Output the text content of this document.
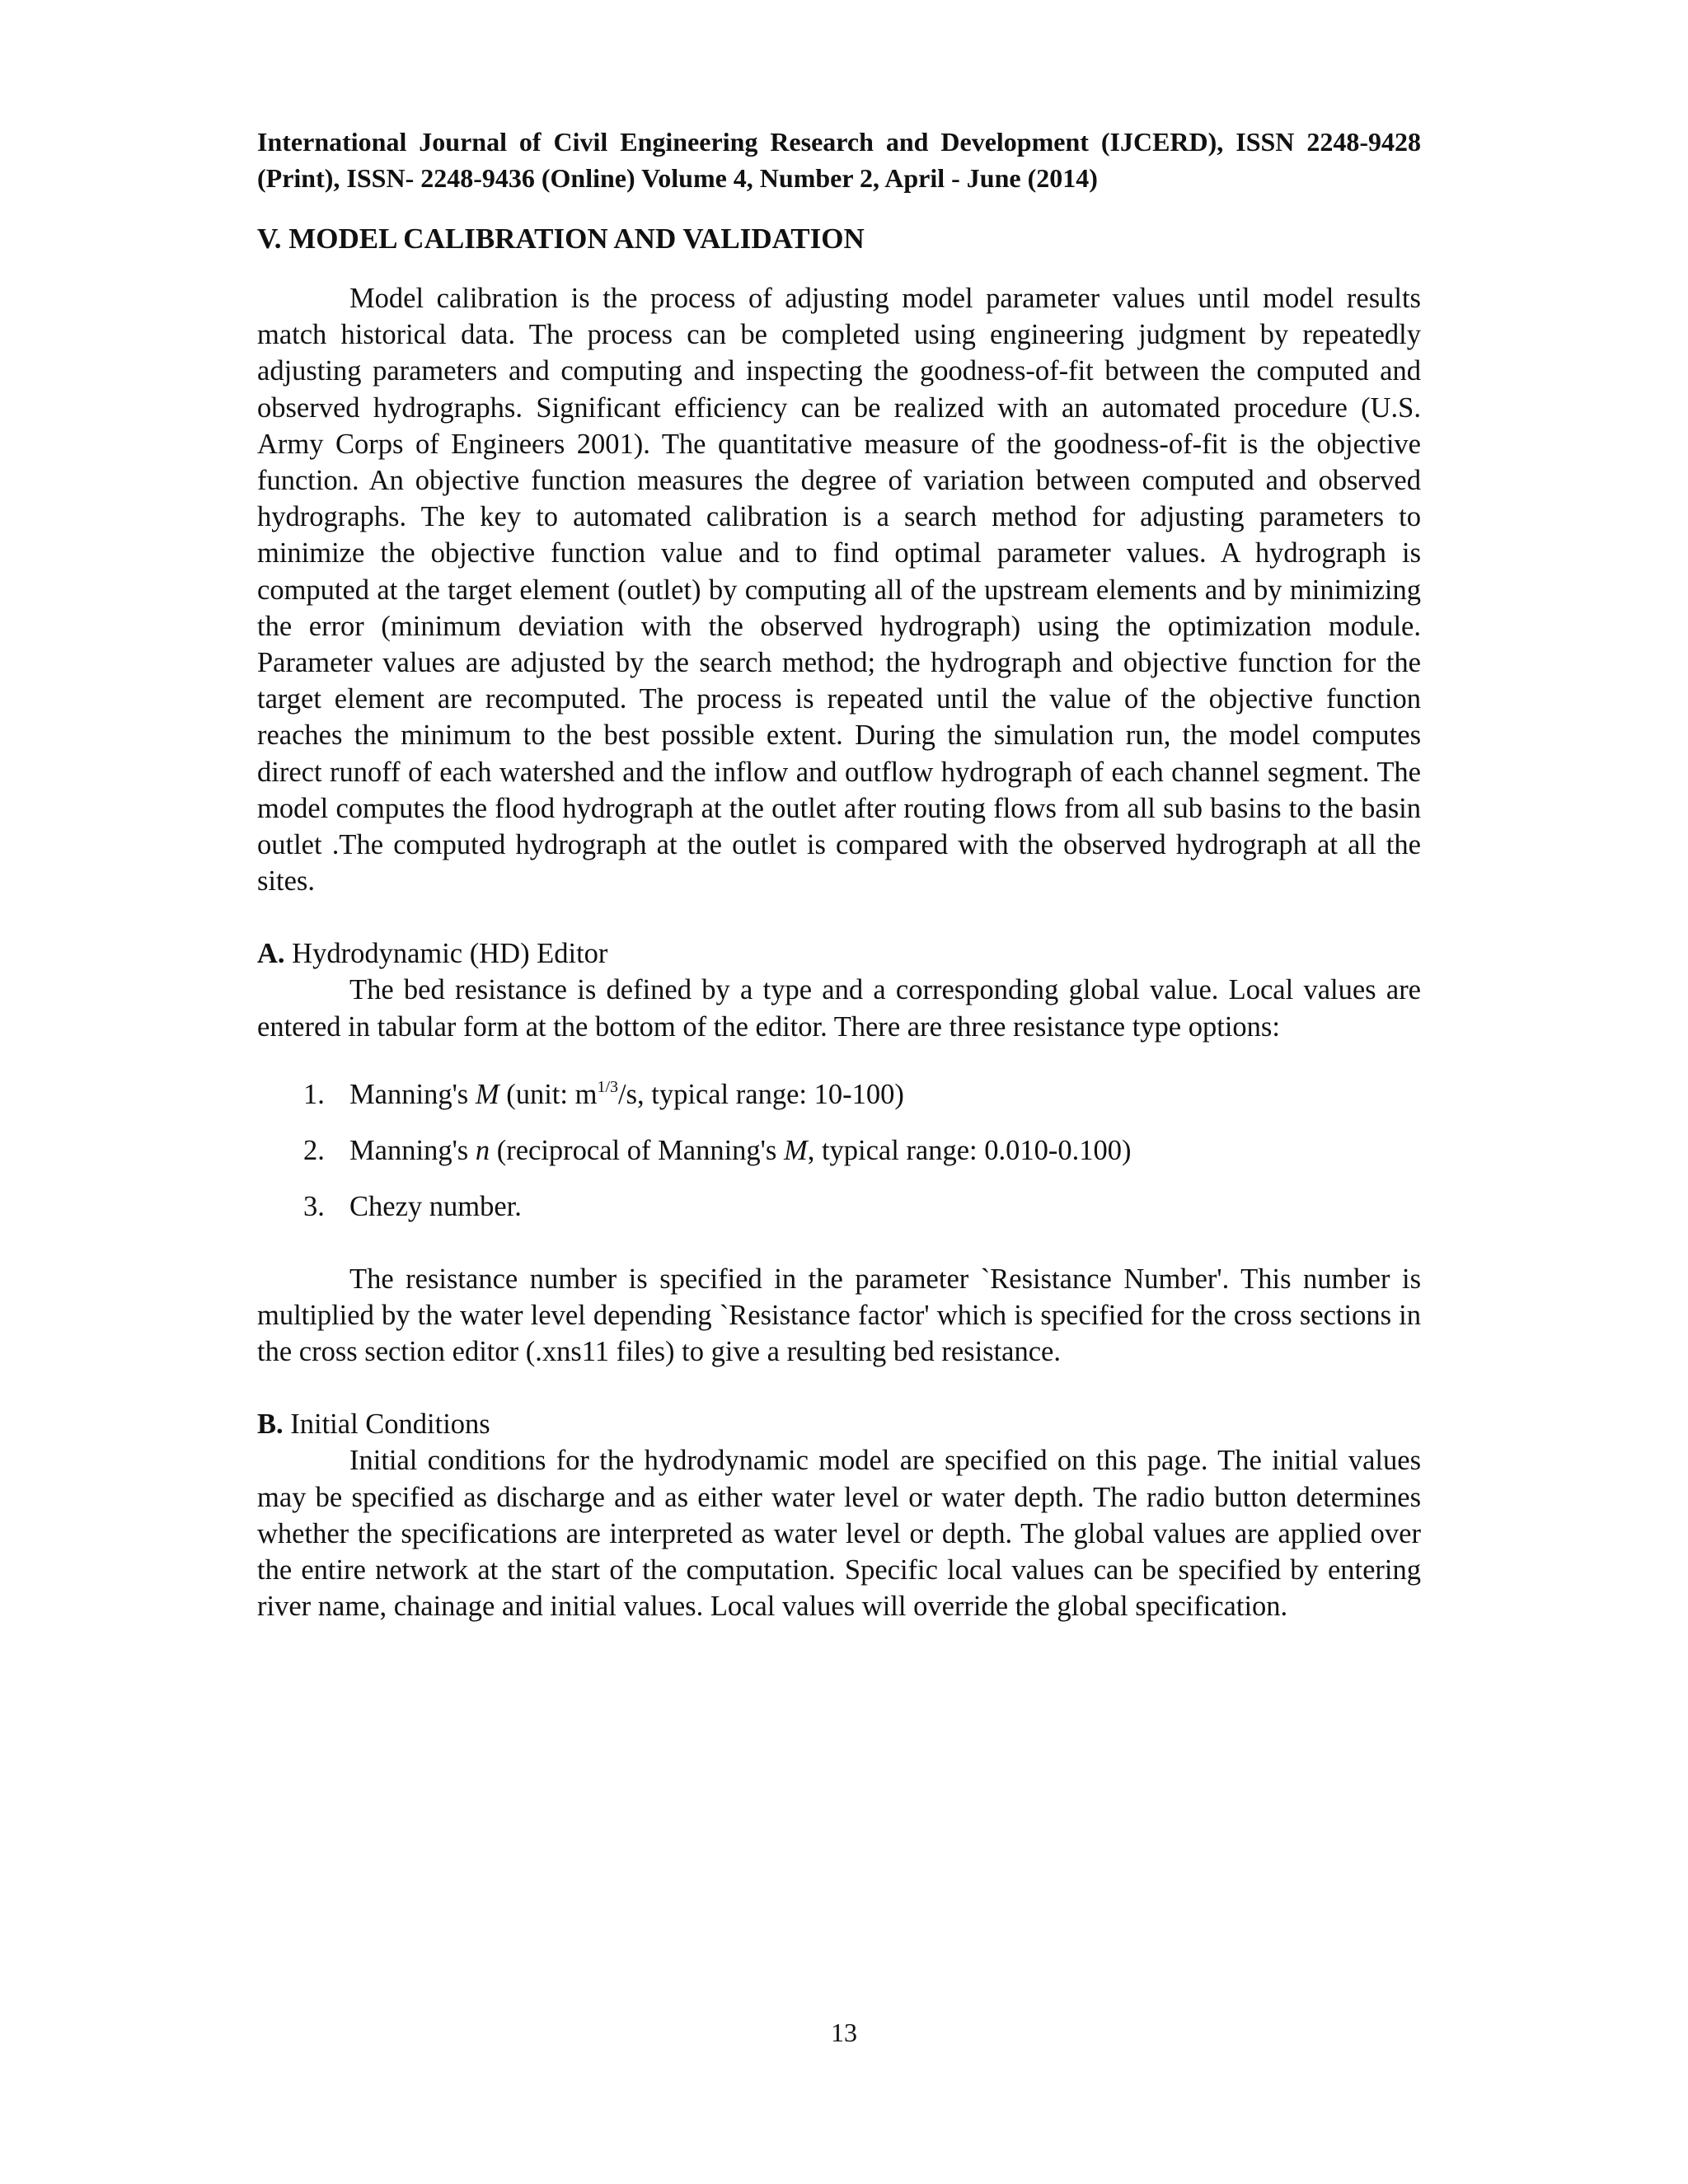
International Journal of Civil Engineering Research and Development (IJCERD), ISSN 2248-9428 (Print), ISSN- 2248-9436 (Online) Volume 4, Number 2, April - June (2014)

V. MODEL CALIBRATION AND VALIDATION

Model calibration is the process of adjusting model parameter values until model results match historical data. The process can be completed using engineering judgment by repeatedly adjusting parameters and computing and inspecting the goodness-of-fit between the computed and observed hydrographs. Significant efficiency can be realized with an automated procedure (U.S. Army Corps of Engineers 2001). The quantitative measure of the goodness-of-fit is the objective function. An objective function measures the degree of variation between computed and observed hydrographs. The key to automated calibration is a search method for adjusting parameters to minimize the objective function value and to find optimal parameter values. A hydrograph is computed at the target element (outlet) by computing all of the upstream elements and by minimizing the error (minimum deviation with the observed hydrograph) using the optimization module. Parameter values are adjusted by the search method; the hydrograph and objective function for the target element are recomputed. The process is repeated until the value of the objective function reaches the minimum to the best possible extent. During the simulation run, the model computes direct runoff of each watershed and the inflow and outflow hydrograph of each channel segment. The model computes the flood hydrograph at the outlet after routing flows from all sub basins to the basin outlet .The computed hydrograph at the outlet is compared with the observed hydrograph at all the sites.

A. Hydrodynamic (HD) Editor

The bed resistance is defined by a type and a corresponding global value. Local values are entered in tabular form at the bottom of the editor. There are three resistance type options:

1. Manning's M (unit: $m^{1/3}/s$, typical range: 10-100)
2. Manning's n (reciprocal of Manning's M, typical range: 0.010-0.100)
3. Chezy number.

The resistance number is specified in the parameter `Resistance Number'. This number is multiplied by the water level depending `Resistance factor' which is specified for the cross sections in the cross section editor (.xns11 files) to give a resulting bed resistance.

B. Initial Conditions

Initial conditions for the hydrodynamic model are specified on this page. The initial values may be specified as discharge and as either water level or water depth. The radio button determines whether the specifications are interpreted as water level or depth. The global values are applied over the entire network at the start of the computation. Specific local values can be specified by entering river name, chainage and initial values. Local values will override the global specification.

13
